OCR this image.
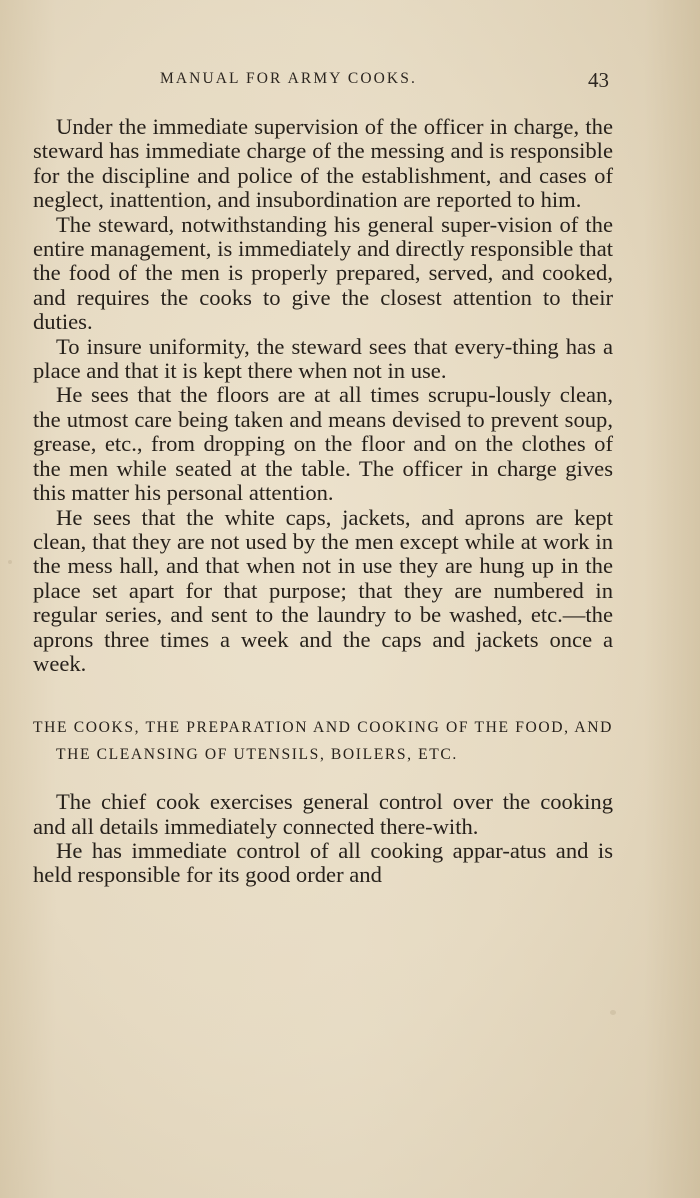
MANUAL FOR ARMY COOKS.	43

Under the immediate supervision of the officer in charge, the steward has immediate charge of the messing and is responsible for the discipline and police of the establishment, and cases of neglect, inattention, and insubordination are reported to him.

The steward, notwithstanding his general super-vision of the entire management, is immediately and directly responsible that the food of the men is properly prepared, served, and cooked, and requires the cooks to give the closest attention to their duties.

To insure uniformity, the steward sees that every-thing has a place and that it is kept there when not in use.

He sees that the floors are at all times scrupu-lously clean, the utmost care being taken and means devised to prevent soup, grease, etc., from dropping on the floor and on the clothes of the men while seated at the table. The officer in charge gives this matter his personal attention.

He sees that the white caps, jackets, and aprons are kept clean, that they are not used by the men except while at work in the mess hall, and that when not in use they are hung up in the place set apart for that purpose; that they are numbered in regular series, and sent to the laundry to be washed, etc.—the aprons three times a week and the caps and jackets once a week.

THE COOKS, THE PREPARATION AND COOKING OF THE FOOD, AND THE CLEANSING OF UTENSILS, BOILERS, ETC.

The chief cook exercises general control over the cooking and all details immediately connected there-with.

He has immediate control of all cooking appar-atus and is held responsible for its good order and
